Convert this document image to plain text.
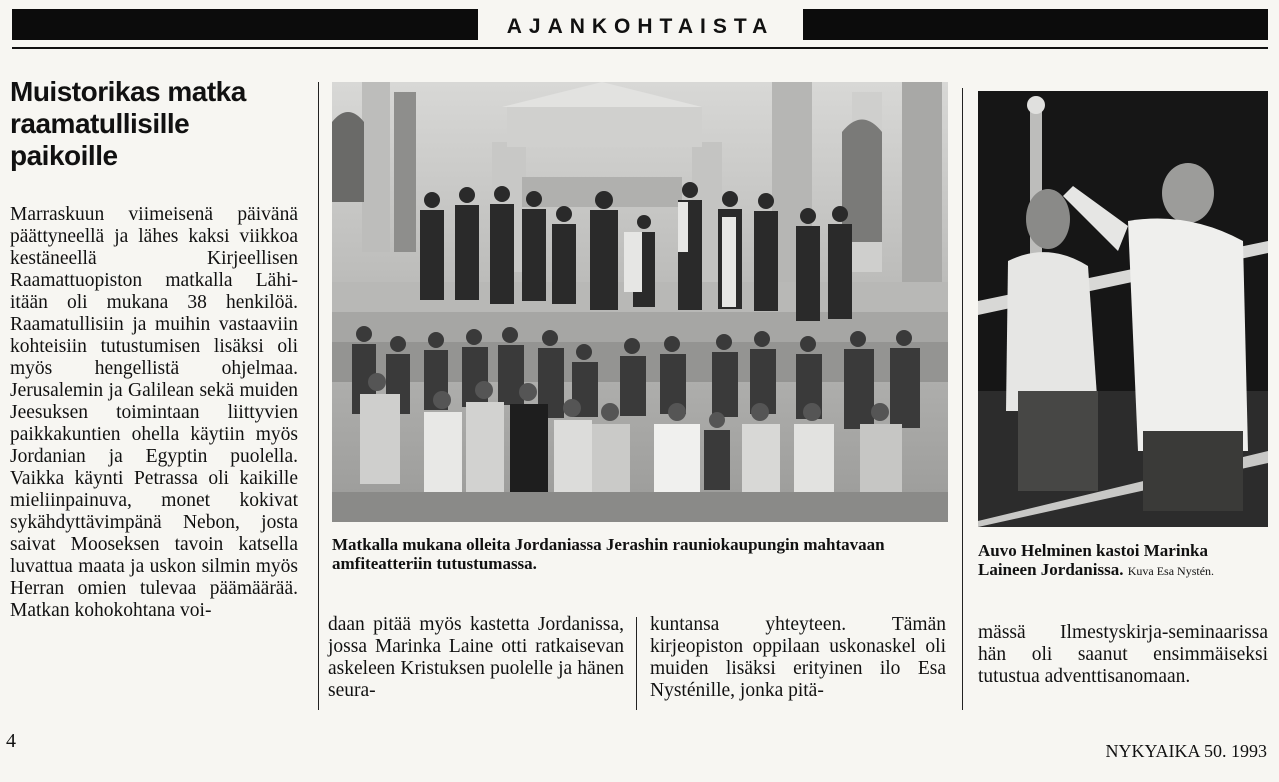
AJANKOHTAISTA
Muistorikas matka raamatullisille paikoille

Marraskuun viimeisenä päivänä päättyneellä ja lähes kaksi viikkoa kestäneellä Kirjeellisen Raamattuopiston matkalla Lähi-itään oli mukana 38 henkilöä. Raamatullisiin ja muihin vastaaviin kohteisiin tutustumisen lisäksi oli myös hengellistä ohjelmaa. Jerusalemin ja Galilean sekä muiden Jeesuksen toimintaan liittyvien paikkakuntien ohella käytiin myös Jordanian ja Egyptin puolella. Vaikka käynti Petrassa oli kaikille mieliinpainuva, monet kokivat sykähdyttävimpänä Nebon, josta saivat Mooseksen tavoin katsella luvattua maata ja uskon silmin myös Herran omien tulevaa päämäärää. Matkan kohokohtana voi-

Matkalla mukana olleita Jordaniassa Jerashin rauniokaupungin mahtavaan amfiteatteriin tutustumassa.

Auvo Helminen kastoi Marinka Laineen Jordanissa. Kuva Esa Nystén.

daan pitää myös kastetta Jordanissa, jossa Marinka Laine otti ratkaisevan askeleen Kristuksen puolelle ja hänen seura-

kuntansa yhteyteen. Tämän kirjeopiston oppilaan uskonaskel oli muiden lisäksi erityinen ilo Esa Nysténille, jonka pitä-

mässä Ilmestyskirja-seminaarissa hän oli saanut ensimmäiseksi tutustua adventtisanomaan.

4	NYKYAIKA 50. 1993
